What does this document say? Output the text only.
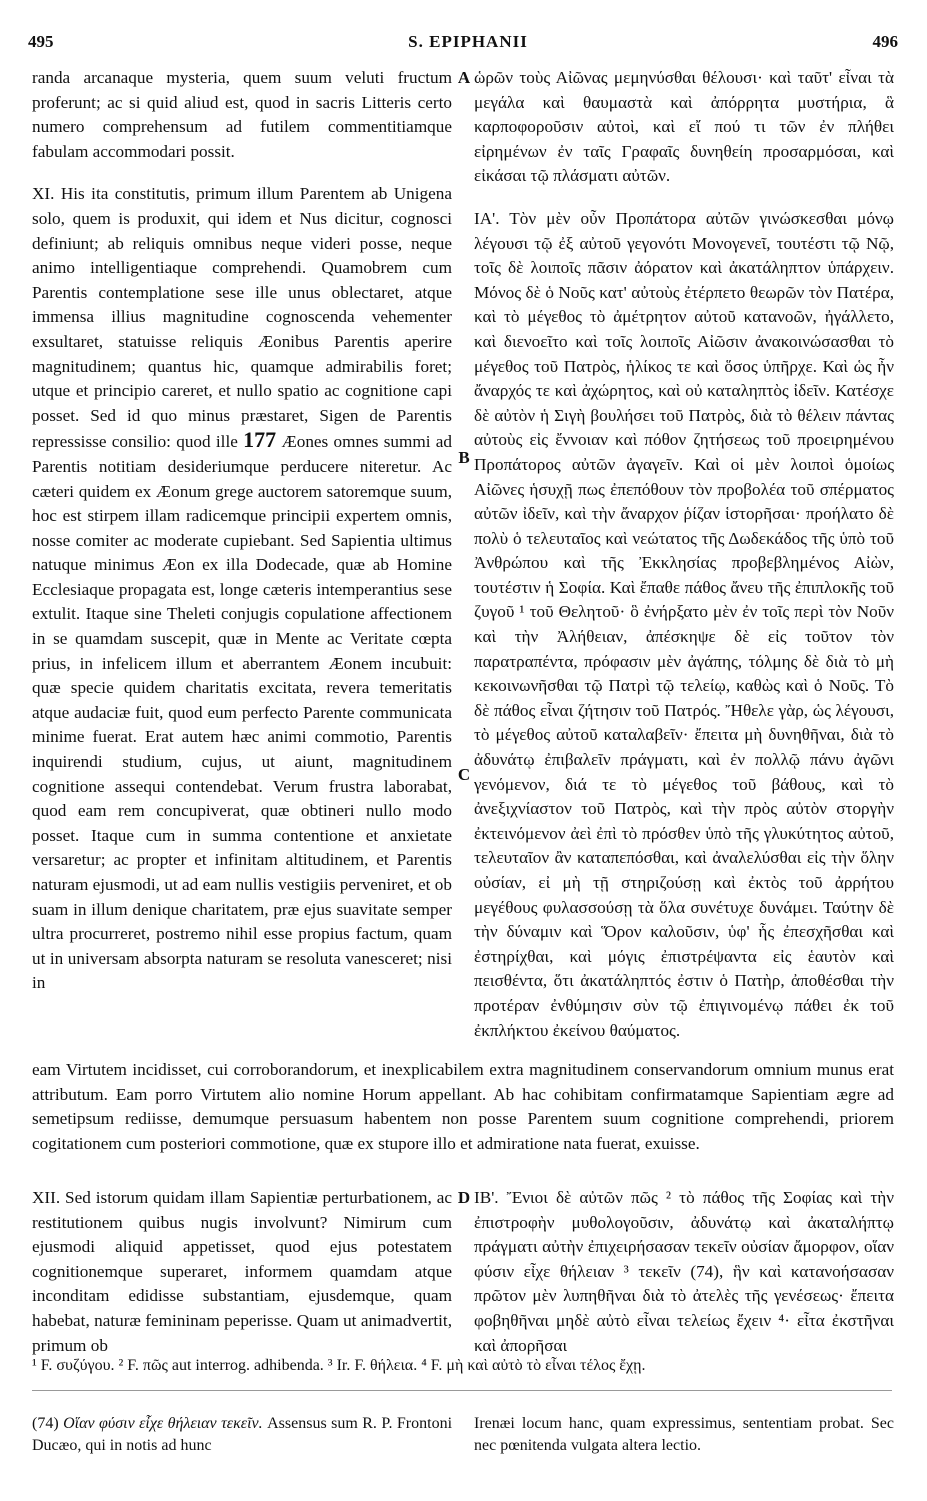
495	S. EPIPHANII	496
A
B
C
D

randa arcanaque mysteria, quem suum veluti fructum proferunt; ac si quid aliud est, quod in sacris Litteris certo numero comprehensum ad futilem commentitiamque fabulam accommodari possit.

XI. His ita constitutis, primum illum Parentem ab Unigena solo, quem is produxit, qui idem et Nus dicitur, cognosci definiunt; ab reliquis omnibus neque videri posse, neque animo intelligentiaque comprehendi. Quamobrem cum Parentis contemplatione sese ille unus oblectaret, atque immensa illius magnitudine cognoscenda vehementer exsultaret, statuisse reliquis Æonibus Parentis aperire magnitudinem; quantus hic, quamque admirabilis foret; utque et principio careret, et nullo spatio ac cognitione capi posset. Sed id quo minus præstaret, Sigen de Parentis repressisse consilio: quod ille 177 Æones omnes summi ad Parentis notitiam desideriumque perducere niteretur. Ac cæteri quidem ex Æonum grege auctorem satoremque suum, hoc est stirpem illam radicemque principii expertem omnis, nosse comiter ac moderate cupiebant. Sed Sapientia ultimus natuque minimus Æon ex illa Dodecade, quæ ab Homine Ecclesiaque propagata est, longe cæteris intemperantius sese extulit. Itaque sine Theleti conjugis copulatione affectionem in se quamdam suscepit, quæ in Mente ac Veritate cœpta prius, in infelicem illum et aberrantem Æonem incubuit: quæ specie quidem charitatis excitata, revera temeritatis atque audaciæ fuit, quod eum perfecto Parente communicata minime fuerat. Erat autem hæc animi commotio, Parentis inquirendi studium, cujus, ut aiunt, magnitudinem cognitione assequi contendebat. Verum frustra laborabat, quod eam rem concupiverat, quæ obtineri nullo modo posset. Itaque cum in summa contentione et anxietate versaretur; ac propter et infinitam altitudinem, et Parentis naturam ejusmodi, ut ad eam nullis vestigiis perveniret, et ob suam in illum denique charitatem, præ ejus suavitate semper ultra procurreret, postremo nihil esse propius factum, quam ut in universam absorpta naturam se resoluta vanesceret; nisi in

ὡρῶν τοὺς Αἰῶνας μεμηνύσθαι θέλουσι· καὶ ταῦτ' εἶναι τὰ μεγάλα καὶ θαυμαστὰ καὶ ἀπόρρητα μυστήρια, ἃ καρποφοροῦσιν αὐτοὶ, καὶ εἴ πού τι τῶν ἐν πλήθει εἰρημένων ἐν ταῖς Γραφαῖς δυνηθείη προσαρμόσαι, καὶ εἰκάσαι τῷ πλάσματι αὐτῶν.

ΙΑ'. Τὸν μὲν οὖν Προπάτορα αὐτῶν γινώσκεσθαι μόνῳ λέγουσι τῷ ἐξ αὐτοῦ γεγονότι Μονογενεῖ, τουτέστι τῷ Νῷ, τοῖς δὲ λοιποῖς πᾶσιν ἀόρατον καὶ ἀκατάληπτον ὑπάρχειν. Μόνος δὲ ὁ Νοῦς κατ' αὐτοὺς ἐτέρπετο θεωρῶν τὸν Πατέρα, καὶ τὸ μέγεθος τὸ ἀμέτρητον αὐτοῦ κατανοῶν, ἠγάλλετο, καὶ διενοεῖτο καὶ τοῖς λοιποῖς Αἰῶσιν ἀνακοινώσασθαι τὸ μέγεθος τοῦ Πατρὸς, ἡλίκος τε καὶ ὅσος ὑπῆρχε. Καὶ ὡς ἦν ἄναρχός τε καὶ ἀχώρητος, καὶ οὐ καταληπτὸς ἰδεῖν. Κατέσχε δὲ αὐτὸν ἡ Σιγὴ βουλήσει τοῦ Πατρὸς, διὰ τὸ θέλειν πάντας αὐτοὺς εἰς ἔννοιαν καὶ πόθον ζητήσεως τοῦ προειρημένου Προπάτορος αὐτῶν ἀγαγεῖν. Καὶ οἱ μὲν λοιποὶ ὁμοίως Αἰῶνες ἡσυχῇ πως ἐπεπόθουν τὸν προβολέα τοῦ σπέρματος αὐτῶν ἰδεῖν, καὶ τὴν ἄναρχον ῥίζαν ἱστορῆσαι· προήλατο δὲ πολὺ ὁ τελευταῖος καὶ νεώτατος τῆς Δωδεκάδος τῆς ὑπὸ τοῦ Ἀνθρώπου καὶ τῆς Ἐκκλησίας προβεβλημένος Αἰὼν, τουτέστιν ἡ Σοφία. Καὶ ἔπαθε πάθος ἄνευ τῆς ἐπιπλοκῆς τοῦ ζυγοῦ ¹ τοῦ Θελητοῦ· ὃ ἐνήρξατο μὲν ἐν τοῖς περὶ τὸν Νοῦν καὶ τὴν Ἀλήθειαν, ἀπέσκηψε δὲ εἰς τοῦτον τὸν παρατραπέντα, πρόφασιν μὲν ἀγάπης, τόλμης δὲ διὰ τὸ μὴ κεκοινωνῆσθαι τῷ Πατρὶ τῷ τελείῳ, καθὼς καὶ ὁ Νοῦς. Τὸ δὲ πάθος εἶναι ζήτησιν τοῦ Πατρός. Ἤθελε γὰρ, ὡς λέγουσι, τὸ μέγεθος αὐτοῦ καταλαβεῖν· ἔπειτα μὴ δυνηθῆναι, διὰ τὸ ἀδυνάτῳ ἐπιβαλεῖν πράγματι, καὶ ἐν πολλῷ πάνυ ἀγῶνι γενόμενον, διά τε τὸ μέγεθος τοῦ βάθους, καὶ τὸ ἀνεξιχνίαστον τοῦ Πατρὸς, καὶ τὴν πρὸς αὐτὸν στοργὴν ἐκτεινόμενον ἀεὶ ἐπὶ τὸ πρόσθεν ὑπὸ τῆς γλυκύτητος αὐτοῦ, τελευταῖον ἂν καταπεπόσθαι, καὶ ἀναλελύσθαι εἰς τὴν ὅλην οὐσίαν, εἰ μὴ τῇ στηριζούσῃ καὶ ἐκτὸς τοῦ ἀρρήτου μεγέθους φυλασσούσῃ τὰ ὅλα συνέτυχε δυνάμει. Ταύτην δὲ τὴν δύναμιν καὶ Ὅρον καλοῦσιν, ὑφ' ἧς ἐπεσχῆσθαι καὶ ἐστηρίχθαι, καὶ μόγις ἐπιστρέψαντα εἰς ἑαυτὸν καὶ πεισθέντα, ὅτι ἀκατάληπτός ἐστιν ὁ Πατὴρ, ἀποθέσθαι τὴν προτέραν ἐνθύμησιν σὺν τῷ ἐπιγινομένῳ πάθει ἐκ τοῦ ἐκπλήκτου ἐκείνου θαύματος.

eam Virtutem incidisset, cui corroborandorum, et inexplicabilem extra magnitudinem conservandorum omnium munus erat attributum. Eam porro Virtutem alio nomine Horum appellant. Ab hac cohibitam confirmatamque Sapientiam ægre ad semetipsum rediisse, demumque persuasum habentem non posse Parentem suum cognitione comprehendi, priorem cogitationem cum posteriori commotione, quæ ex stupore illo et admiratione nata fuerat, exuisse.

XII. Sed istorum quidam illam Sapientiæ perturbationem, ac restitutionem quibus nugis involvunt? Nimirum cum ejusmodi aliquid appetisset, quod ejus potestatem cognitionemque superaret, informem quamdam atque inconditam edidisse substantiam, ejusdemque, quam habebat, naturæ femininam peperisse. Quam ut animadvertit, primum ob

ΙΒ'. Ἔνιοι δὲ αὐτῶν πῶς ² τὸ πάθος τῆς Σοφίας καὶ τὴν ἐπιστροφὴν μυθολογοῦσιν, ἀδυνάτῳ καὶ ἀκαταλήπτῳ πράγματι αὐτὴν ἐπιχειρήσασαν τεκεῖν οὐσίαν ἄμορφον, οἵαν φύσιν εἶχε θήλειαν ³ τεκεῖν (74), ἣν καὶ κατανοήσασαν πρῶτον μὲν λυπηθῆναι διὰ τὸ ἀτελὲς τῆς γενέσεως· ἔπειτα φοβηθῆναι μηδὲ αὐτὸ εἶναι τελείως ἔχειν ⁴· εἶτα ἐκστῆναι καὶ ἀπορῆσαι

¹ F. συζύγου. ² F. πῶς aut interrog. adhibenda. ³ Ir. F. θήλεια. ⁴ F. μὴ καὶ αὐτὸ τὸ εἶναι τέλος ἔχῃ.

(74) Οἵαν φύσιν εἶχε θήλειαν τεκεῖν. Assensus sum R. P. Frontoni Ducæo, qui in notis ad hunc

Irenæi locum hanc, quam expressimus, sententiam probat. Sec nec pœnitenda vulgata altera lectio.
